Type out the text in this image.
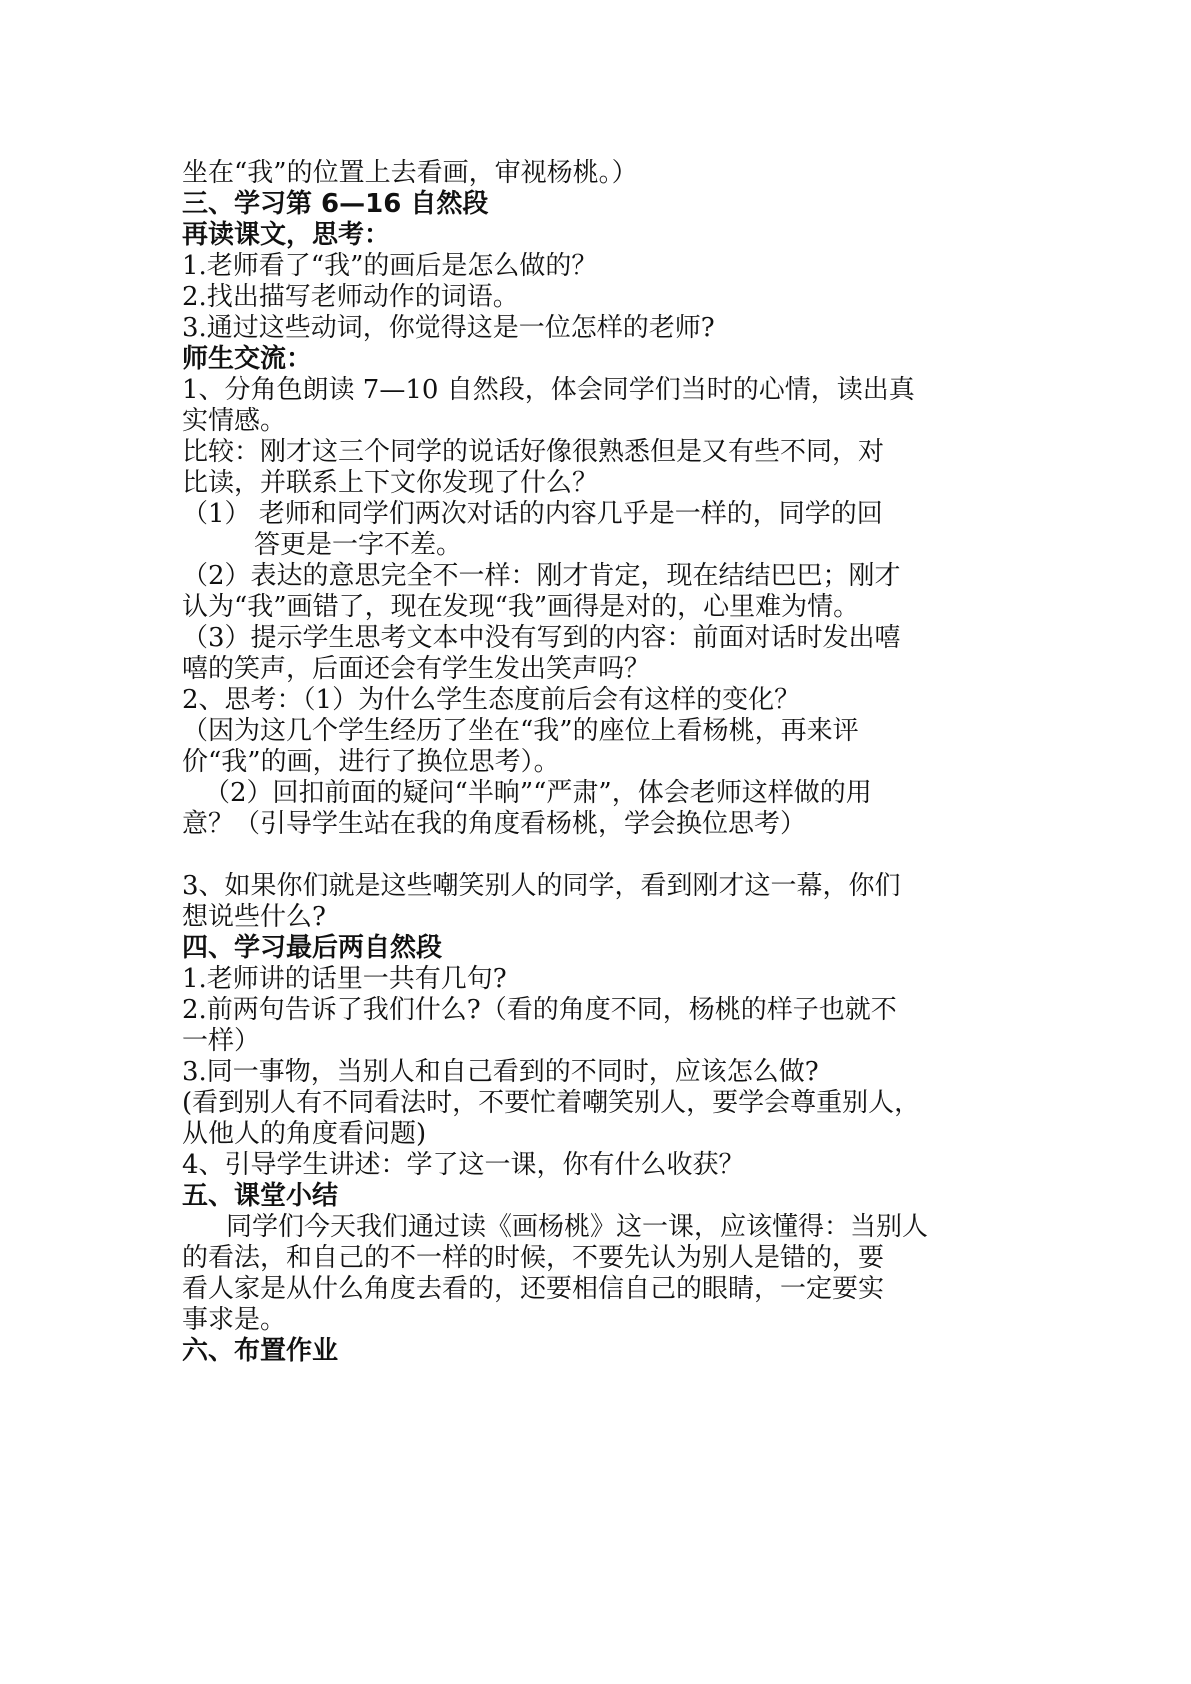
坐在“我”的位置上去看画，审视杨桃。）
三、学习第 6—16 自然段
再读课文，思考：
1.老师看了“我”的画后是怎么做的？
2.找出描写老师动作的词语。
3.通过这些动词，你觉得这是一位怎样的老师?
师生交流：
1、分角色朗读 7—10 自然段，体会同学们当时的心情，读出真
实情感。
比较：刚才这三个同学的说话好像很熟悉但是又有些不同，对
比读，并联系上下文你发现了什么？
（1） 老师和同学们两次对话的内容几乎是一样的，同学的回
答更是一字不差。
（2）表达的意思完全不一样：刚才肯定，现在结结巴巴；刚才
认为“我”画错了，现在发现“我”画得是对的，心里难为情。
（3）提示学生思考文本中没有写到的内容：前面对话时发出嘻
嘻的笑声，后面还会有学生发出笑声吗？
2、思考：（1）为什么学生态度前后会有这样的变化？
（因为这几个学生经历了坐在“我”的座位上看杨桃，再来评
价“我”的画，进行了换位思考）。
（2）回扣前面的疑问“半晌”“严肃”，体会老师这样做的用
意？（引导学生站在我的角度看杨桃，学会换位思考）
3、如果你们就是这些嘲笑别人的同学，看到刚才这一幕，你们
想说些什么?
四、学习最后两自然段
1.老师讲的话里一共有几句?
2.前两句告诉了我们什么?（看的角度不同，杨桃的样子也就不
一样）
3.同一事物，当别人和自己看到的不同时，应该怎么做?
(看到别人有不同看法时，不要忙着嘲笑别人，要学会尊重别人，
从他人的角度看问题)
4、引导学生讲述：学了这一课，你有什么收获？
五、课堂小结
同学们今天我们通过读《画杨桃》这一课，应该懂得：当别人
的看法，和自己的不一样的时候，不要先认为别人是错的，要
看人家是从什么角度去看的，还要相信自己的眼睛，一定要实
事求是。
六、布置作业
